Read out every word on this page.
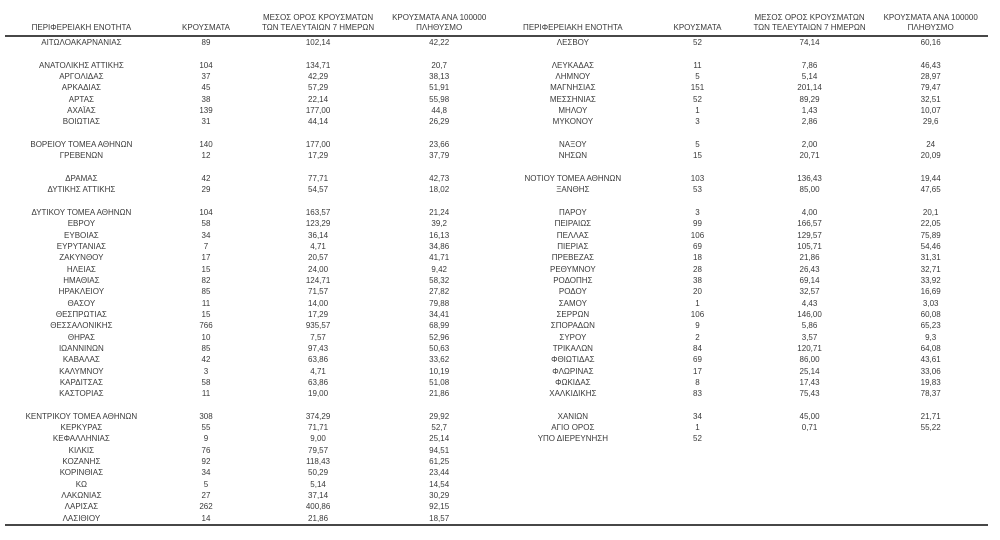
ΠΕΡΙΦΕΡΕΙΑΚΗ ΕΝΟΤΗΤΑ	ΚΡΟΥΣΜΑΤΑ

ΜΕΣΟΣ ΟΡΟΣ ΚΡΟΥΣΜΑΤΩΝ
ΤΩΝ ΤΕΛΕΥΤΑΙΩΝ 7 ΗΜΕΡΩΝ

ΚΡΟΥΣΜΑΤΑ ΑΝΑ 100000
ΠΛΗΘΥΣΜΟ	ΠΕΡΙΦΕΡΕΙΑΚΗ ΕΝΟΤΗΤΑ	ΚΡΟΥΣΜΑΤΑ

ΜΕΣΟΣ ΟΡΟΣ ΚΡΟΥΣΜΑΤΩΝ
ΤΩΝ ΤΕΛΕΥΤΑΙΩΝ 7 ΗΜΕΡΩΝ

ΚΡΟΥΣΜΑΤΑ ΑΝΑ 100000
ΠΛΗΘΥΣΜΟ

ΑΙΤΩΛΟΑΚΑΡΝΑΝΙΑΣ	89	102,14	42,22	ΛΕΣΒΟΥ	52	74,14	60,16

ΑΝΑΤΟΛΙΚΗΣ ΑΤΤΙΚΗΣ	104	134,71	20,7	ΛΕΥΚΑΔΑΣ	11	7,86	46,43
ΑΡΓΟΛΙΔΑΣ	37	42,29	38,13	ΛΗΜΝΟΥ	5	5,14	28,97
ΑΡΚΑΔΙΑΣ	45	57,29	51,91	ΜΑΓΝΗΣΙΑΣ	151	201,14	79,47
ΑΡΤΑΣ	38	22,14	55,98	ΜΕΣΣΗΝΙΑΣ	52	89,29	32,51
ΑΧΑΪΑΣ	139	177,00	44,8	ΜΗΛΟΥ	1	1,43	10,07
ΒΟΙΩΤΙΑΣ	31	44,14	26,29	ΜΥΚΟΝΟΥ	3	2,86	29,6

ΒΟΡΕΙΟΥ ΤΟΜΕΑ ΑΘΗΝΩΝ	140	177,00	23,66	ΝΑΞΟΥ	5	2,00	24
ΓΡΕΒΕΝΩΝ	12	17,29	37,79	ΝΗΣΩΝ	15	20,71	20,09

ΔΡΑΜΑΣ	42	77,71	42,73	ΝΟΤΙΟΥ ΤΟΜΕΑ ΑΘΗΝΩΝ	103	136,43	19,44
ΔΥΤΙΚΗΣ ΑΤΤΙΚΗΣ	29	54,57	18,02	ΞΑΝΘΗΣ	53	85,00	47,65

ΔΥΤΙΚΟΥ ΤΟΜΕΑ ΑΘΗΝΩΝ	104	163,57	21,24	ΠΑΡΟΥ	3	4,00	20,1
ΕΒΡΟΥ	58	123,29	39,2	ΠΕΙΡΑΙΩΣ	99	166,57	22,05
ΕΥΒΟΙΑΣ	34	36,14	16,13	ΠΕΛΛΑΣ	106	129,57	75,89
ΕΥΡΥΤΑΝΙΑΣ	7	4,71	34,86	ΠΙΕΡΙΑΣ	69	105,71	54,46
ΖΑΚΥΝΘΟΥ	17	20,57	41,71	ΠΡΕΒΕΖΑΣ	18	21,86	31,31
ΗΛΕΙΑΣ	15	24,00	9,42	ΡΕΘΥΜΝΟΥ	28	26,43	32,71
ΗΜΑΘΙΑΣ	82	124,71	58,32	ΡΟΔΟΠΗΣ	38	69,14	33,92
ΗΡΑΚΛΕΙΟΥ	85	71,57	27,82	ΡΟΔΟΥ	20	32,57	16,69
ΘΑΣΟΥ	11	14,00	79,88	ΣΑΜΟΥ	1	4,43	3,03
ΘΕΣΠΡΩΤΙΑΣ	15	17,29	34,41	ΣΕΡΡΩΝ	106	146,00	60,08
ΘΕΣΣΑΛΟΝΙΚΗΣ	766	935,57	68,99	ΣΠΟΡΑΔΩΝ	9	5,86	65,23
ΘΗΡΑΣ	10	7,57	52,96	ΣΥΡΟΥ	2	3,57	9,3
ΙΩΑΝΝΙΝΩΝ	85	97,43	50,63	ΤΡΙΚΑΛΩΝ	84	120,71	64,08
ΚΑΒΑΛΑΣ	42	63,86	33,62	ΦΘΙΩΤΙΔΑΣ	69	86,00	43,61
ΚΑΛΥΜΝΟΥ	3	4,71	10,19	ΦΛΩΡΙΝΑΣ	17	25,14	33,06
ΚΑΡΔΙΤΣΑΣ	58	63,86	51,08	ΦΩΚΙΔΑΣ	8	17,43	19,83
ΚΑΣΤΟΡΙΑΣ	11	19,00	21,86	ΧΑΛΚΙΔΙΚΗΣ	83	75,43	78,37

ΚΕΝΤΡΙΚΟΥ ΤΟΜΕΑ ΑΘΗΝΩΝ	308	374,29	29,92	ΧΑΝΙΩΝ	34	45,00	21,71
ΚΕΡΚΥΡΑΣ	55	71,71	52,7	ΑΓΙΟ ΟΡΟΣ	1	0,71	55,22
ΚΕΦΑΛΛΗΝΙΑΣ	9	9,00	25,14	ΥΠΟ ΔΙΕΡΕΥΝΗΣΗ	52		
ΚΙΛΚΙΣ	76	79,57	94,51				
ΚΟΖΑΝΗΣ	92	118,43	61,25				
ΚΟΡΙΝΘΙΑΣ	34	50,29	23,44				
ΚΩ	5	5,14	14,54				
ΛΑΚΩΝΙΑΣ	27	37,14	30,29				
ΛΑΡΙΣΑΣ	262	400,86	92,15				
ΛΑΣΙΘΙΟΥ	14	21,86	18,57				
